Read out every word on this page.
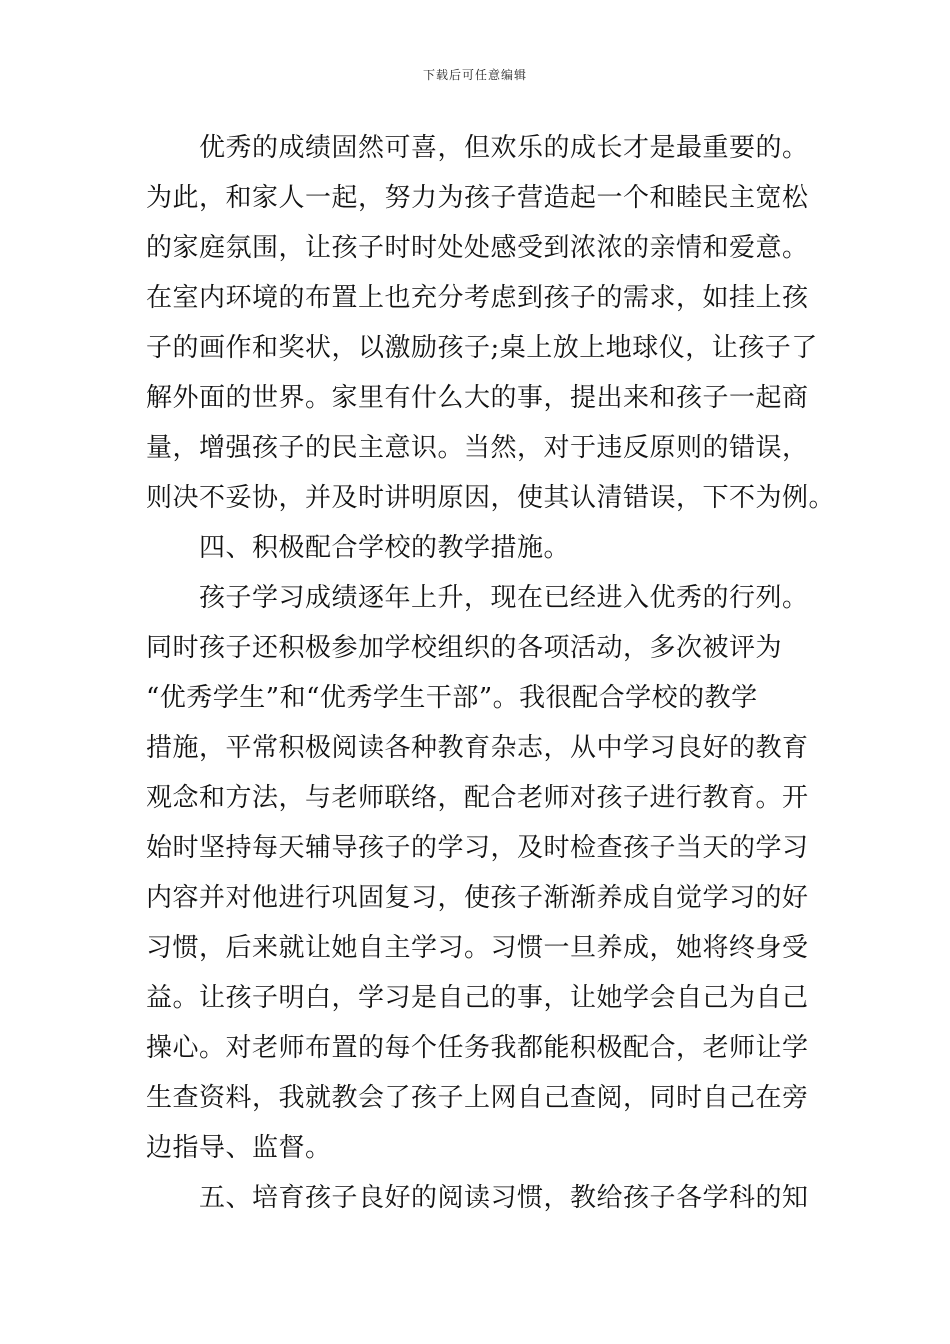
下载后可任意编辑
　　优秀的成绩固然可喜，但欢乐的成长才是最重要的。
为此，和家人一起，努力为孩子营造起一个和睦民主宽松
的家庭氛围，让孩子时时处处感受到浓浓的亲情和爱意。
在室内环境的布置上也充分考虑到孩子的需求，如挂上孩
子的画作和奖状，以激励孩子;桌上放上地球仪，让孩子了
解外面的世界。家里有什么大的事，提出来和孩子一起商
量，增强孩子的民主意识。当然，对于违反原则的错误，
则决不妥协，并及时讲明原因，使其认清错误，下不为例。
　　四、积极配合学校的教学措施。
　　孩子学习成绩逐年上升，现在已经进入优秀的行列。
同时孩子还积极参加学校组织的各项活动，多次被评为
“优秀学生”和“优秀学生干部”。我很配合学校的教学
措施，平常积极阅读各种教育杂志，从中学习良好的教育
观念和方法，与老师联络，配合老师对孩子进行教育。开
始时坚持每天辅导孩子的学习，及时检查孩子当天的学习
内容并对他进行巩固复习，使孩子渐渐养成自觉学习的好
习惯，后来就让她自主学习。习惯一旦养成，她将终身受
益。让孩子明白，学习是自己的事，让她学会自己为自己
操心。对老师布置的每个任务我都能积极配合，老师让学
生查资料，我就教会了孩子上网自己查阅，同时自己在旁
边指导、监督。
　　五、培育孩子良好的阅读习惯，教给孩子各学科的知
